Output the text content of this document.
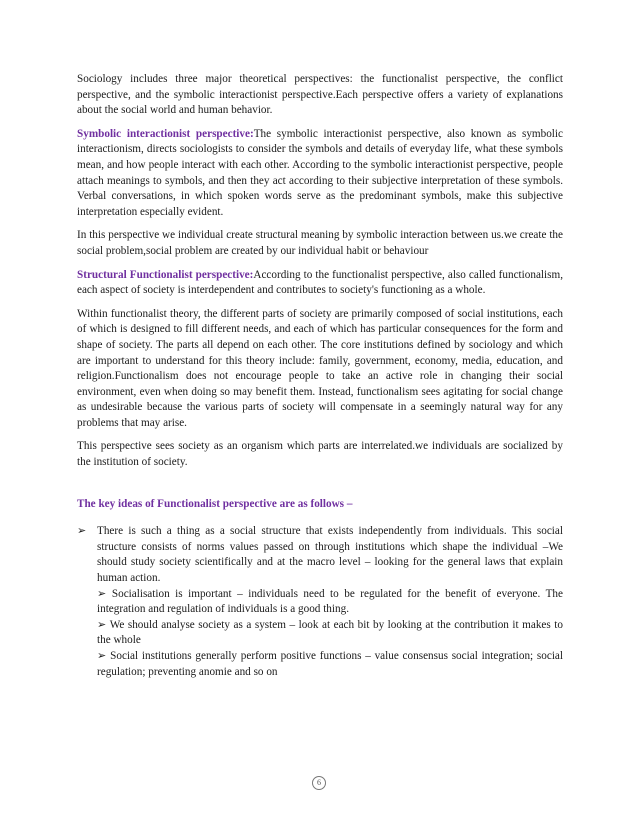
Sociology includes three major theoretical perspectives: the functionalist perspective, the conflict perspective, and the symbolic interactionist perspective.Each perspective offers a variety of explanations about the social world and human behavior.

Symbolic interactionist perspective:The symbolic interactionist perspective, also known as symbolic interactionism, directs sociologists to consider the symbols and details of everyday life, what these symbols mean, and how people interact with each other. According to the symbolic interactionist perspective, people attach meanings to symbols, and then they act according to their subjective interpretation of these symbols. Verbal conversations, in which spoken words serve as the predominant symbols, make this subjective interpretation especially evident.

In this perspective we individual create structural meaning by symbolic interaction between us.we create the social problem,social problem are created by our individual habit or behaviour

Structural Functionalist perspective:According to the functionalist perspective, also called functionalism, each aspect of society is interdependent and contributes to society's functioning as a whole.

Within functionalist theory, the different parts of society are primarily composed of social institutions, each of which is designed to fill different needs, and each of which has particular consequences for the form and shape of society. The parts all depend on each other. The core institutions defined by sociology and which are important to understand for this theory include: family, government, economy, media, education, and religion.Functionalism does not encourage people to take an active role in changing their social environment, even when doing so may benefit them. Instead, functionalism sees agitating for social change as undesirable because the various parts of society will compensate in a seemingly natural way for any problems that may arise.

This perspective sees society as an organism which parts are interrelated.we individuals are socialized by the institution of society.

The key ideas of Functionalist perspective are as follows –
➢ There is such a thing as a social structure that exists independently from individuals. This social structure consists of norms values passed on through institutions which shape the individual –We should study society scientifically and at the macro level – looking for the general laws that explain human action.

➢ Socialisation is important – individuals need to be regulated for the benefit of everyone. The integration and regulation of individuals is a good thing.

➢ We should analyse society as a system – look at each bit by looking at the contribution it makes to the whole

➢ Social institutions generally perform positive functions – value consensus social integration; social regulation; preventing anomie and so on

6
